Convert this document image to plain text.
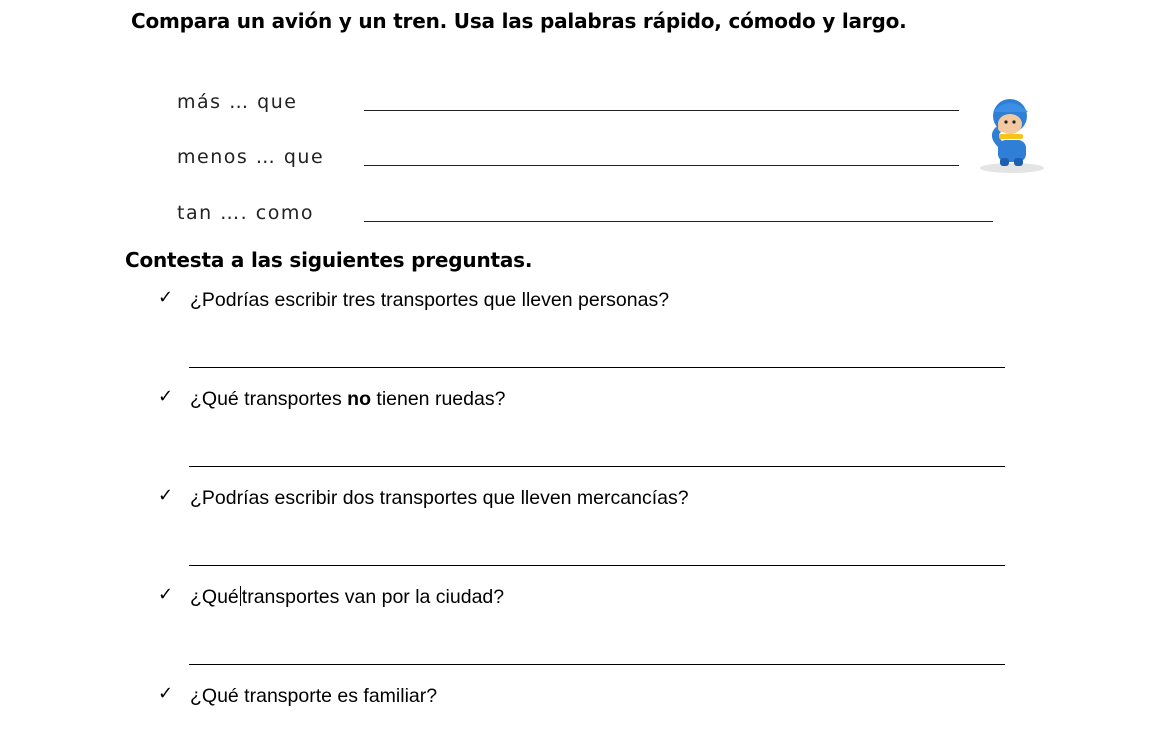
Compara un avión y un tren. Usa las palabras rápido, cómodo y largo.
más … que
menos … que
tan …. como
Contesta a las siguientes preguntas.
✓ ¿Podrías escribir tres transportes que lleven personas?
✓ ¿Qué transportes no tienen ruedas?
✓ ¿Podrías escribir dos transportes que lleven mercancías?
✓ ¿Qué transportes van por la ciudad?
✓ ¿Qué transporte es familiar?
